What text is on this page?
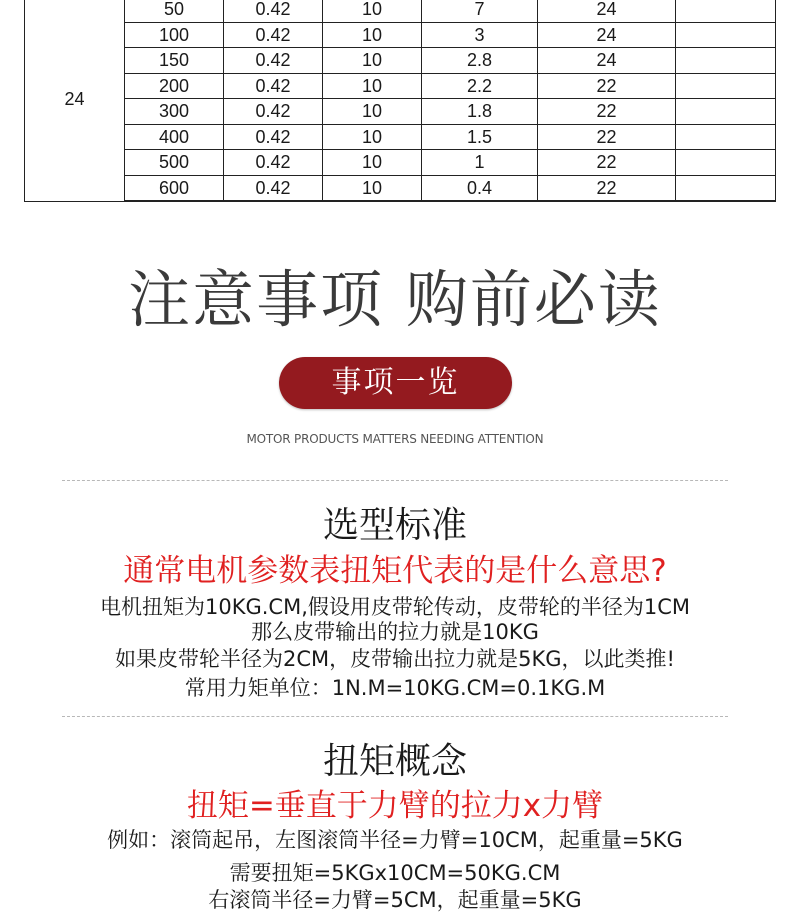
24	50	0.42	10	7	24	
	100	0.42	10	3	24	
	150	0.42	10	2.8	24	
	200	0.42	10	2.2	22	
	300	0.42	10	1.8	22	
	400	0.42	10	1.5	22	
	500	0.42	10	1	22	
	600	0.42	10	0.4	22	
注意事项 购前必读
事项一览
MOTOR PRODUCTS MATTERS NEEDING ATTENTION
选型标准
通常电机参数表扭矩代表的是什么意思?
电机扭矩为10KG.CM,假设用皮带轮传动，皮带轮的半径为1CM
那么皮带输出的拉力就是10KG
如果皮带轮半径为2CM，皮带输出拉力就是5KG，以此类推!
常用力矩单位：1N.M=10KG.CM=0.1KG.M
扭矩概念
扭矩=垂直于力臂的拉力x力臂
例如：滚筒起吊，左图滚筒半径=力臂=10CM，起重量=5KG
需要扭矩=5KGx10CM=50KG.CM
右滚筒半径=力臂=5CM，起重量=5KG
